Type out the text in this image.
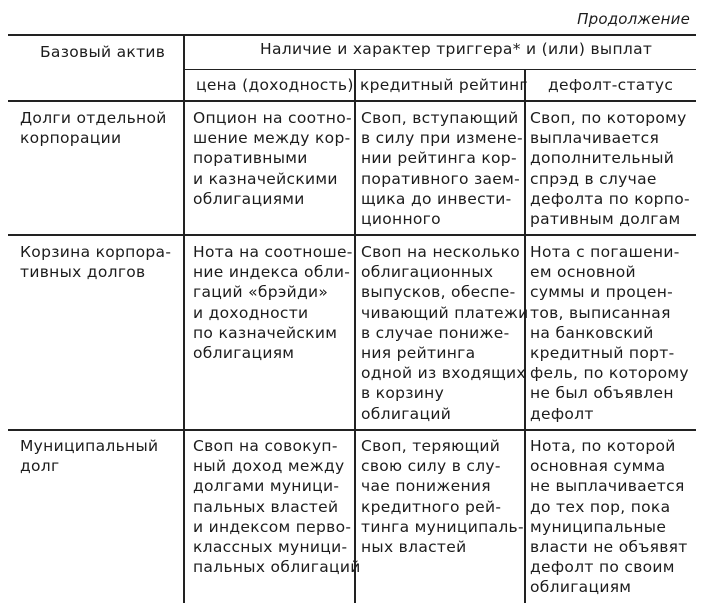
Продолжение
Базовый актив	Наличие и характер триггера* и (или) выплат
цена (доходность) кредитный рейтинг дефолт-статус
Долги отдельной
корпорации
Опцион на соотно-
шение между кор-
поративными
и казначейскими
облигациями
Своп, вступающий
в силу при измене-
нии рейтинга кор-
поративного заем-
щика до инвести-
ционного
Своп, по которому
выплачивается
дополнительный
спрэд в случае
дефолта по корпо-
ративным долгам
Корзина корпора-
тивных долгов
Нота на соотноше-
ние индекса обли-
гаций «брэйди»
и доходности
по казначейским
облигациям
Своп на несколько
облигационных
выпусков, обеспе-
чивающий платежи
в случае пониже-
ния рейтинга
одной из входящих
в корзину
облигаций
Нота с погашени-
ем основной
суммы и процен-
тов, выписанная
на банковский
кредитный порт-
фель, по которому
не был объявлен
дефолт
Муниципальный
долг
Своп на совокуп-
ный доход между
долгами муници-
пальных властей
и индексом перво-
классных муници-
пальных облигаций
Своп, теряющий
свою силу в слу-
чае понижения
кредитного рей-
тинга муниципаль-
ных властей
Нота, по которой
основная сумма
не выплачивается
до тех пор, пока
муниципальные
власти не объявят
дефолт по своим
облигациям
